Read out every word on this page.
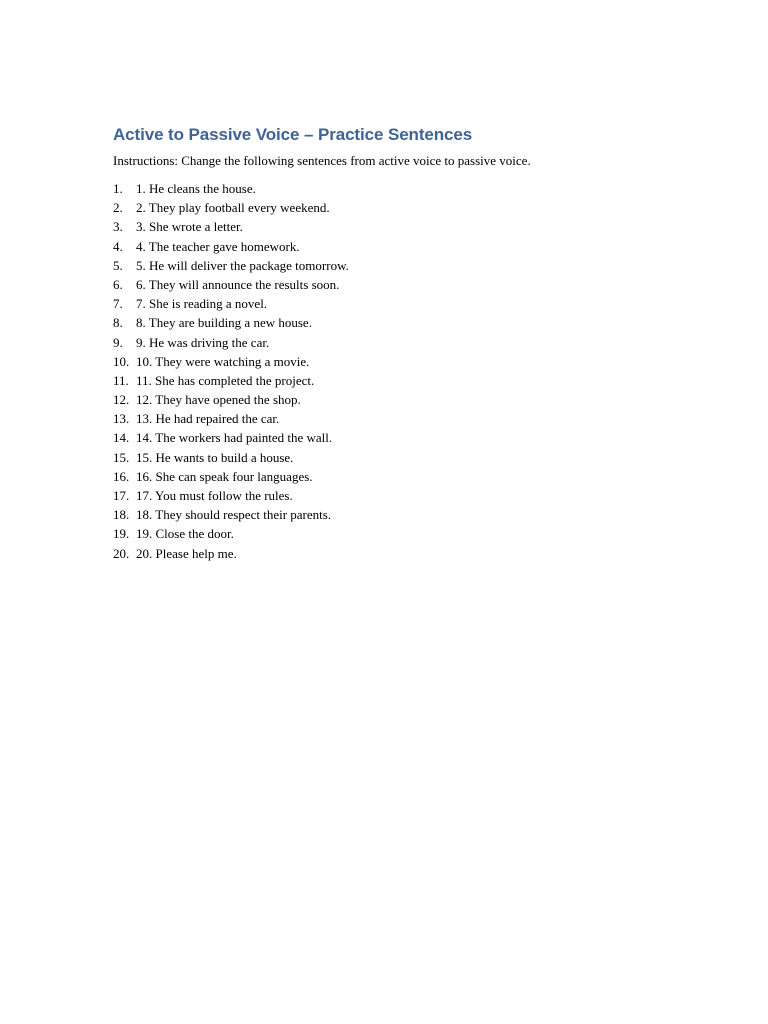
Active to Passive Voice – Practice Sentences

Instructions: Change the following sentences from active voice to passive voice.

1.	1. He cleans the house.
2.	2. They play football every weekend.
3.	3. She wrote a letter.
4.	4. The teacher gave homework.
5.	5. He will deliver the package tomorrow.
6.	6. They will announce the results soon.
7.	7. She is reading a novel.
8.	8. They are building a new house.
9.	9. He was driving the car.
10. 10. They were watching a movie.
11. 11. She has completed the project.
12. 12. They have opened the shop.
13. 13. He had repaired the car.
14. 14. The workers had painted the wall.
15. 15. He wants to build a house.
16. 16. She can speak four languages.
17. 17. You must follow the rules.
18. 18. They should respect their parents.
19. 19. Close the door.
20. 20. Please help me.
